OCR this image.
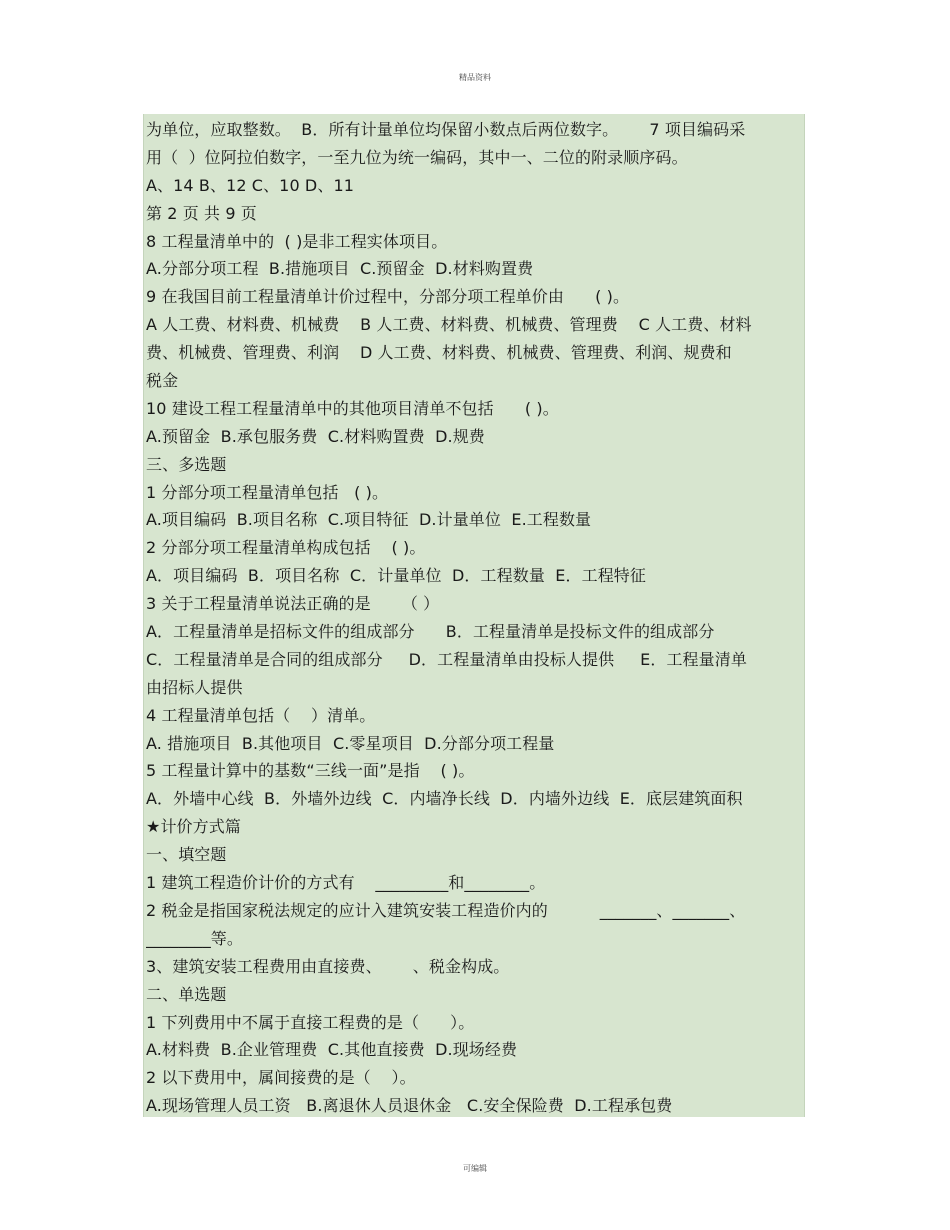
精品资料
为单位，应取整数。  B．所有计量单位均保留小数点后两位数字。      7 项目编码采
用（  ）位阿拉伯数字，一至九位为统一编码，其中一、二位的附录顺序码。
A、14 B、12 C、10 D、11
第 2 页 共 9 页
8 工程量清单中的  ( )是非工程实体项目。
A.分部分项工程  B.措施项目  C.预留金  D.材料购置费
9 在我国目前工程量清单计价过程中，分部分项工程单价由      ( )。
A 人工费、材料费、机械费    B 人工费、材料费、机械费、管理费    C 人工费、材料
费、机械费、管理费、利润    D 人工费、材料费、机械费、管理费、利润、规费和
税金
10 建设工程工程量清单中的其他项目清单不包括      ( )。
A.预留金  B.承包服务费  C.材料购置费  D.规费
三、多选题
1 分部分项工程量清单包括   ( )。
A.项目编码  B.项目名称  C.项目特征  D.计量单位  E.工程数量
2 分部分项工程量清单构成包括    ( )。
A．项目编码  B．项目名称  C．计量单位  D．工程数量  E．工程特征
3 关于工程量清单说法正确的是      （ ）
A．工程量清单是招标文件的组成部分      B．工程量清单是投标文件的组成部分
C．工程量清单是合同的组成部分     D．工程量清单由投标人提供     E．工程量清单
由招标人提供
4 工程量清单包括（    ）清单。
A. 措施项目  B.其他项目  C.零星项目  D.分部分项工程量
5 工程量计算中的基数“三线一面”是指    ( )。
A．外墙中心线  B．外墙外边线  C．内墙净长线  D．内墙外边线  E．底层建筑面积
★计价方式篇
一、填空题
1 建筑工程造价计价的方式有    _________和________。
2 税金是指国家税法规定的应计入建筑安装工程造价内的          _______、_______、
________等。
3、建筑安装工程费用由直接费、      、税金构成。
二、单选题
1 下列费用中不属于直接工程费的是（      ）。
A.材料费  B.企业管理费  C.其他直接费  D.现场经费
2 以下费用中，属间接费的是（    ）。
A.现场管理人员工资   B.离退休人员退休金   C.安全保险费  D.工程承包费
可编辑
